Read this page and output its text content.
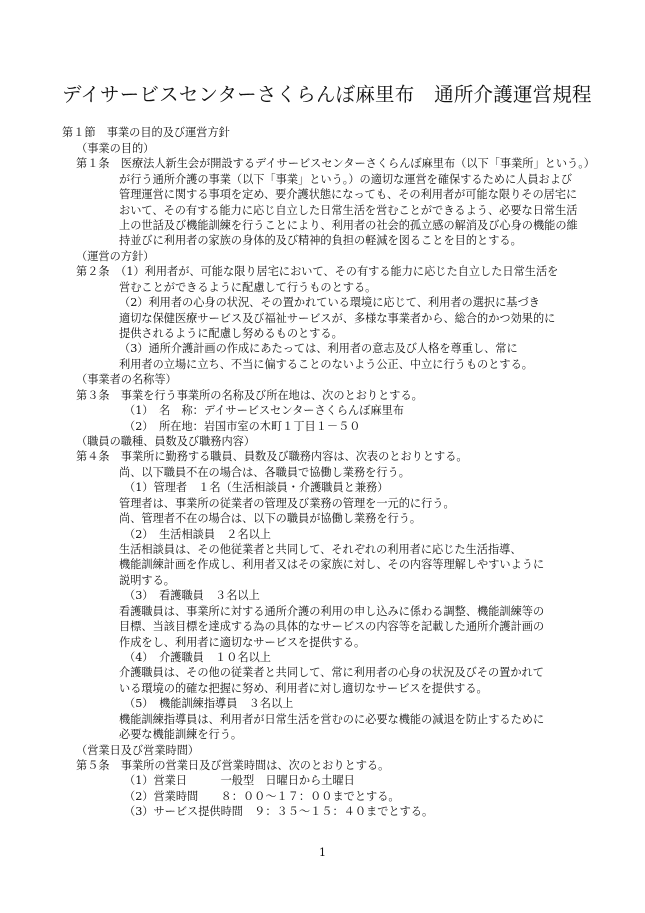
デイサービスセンターさくらんぼ麻里布　通所介護運営規程
第１節　事業の目的及び運営方針
（事業の目的）
第１条　医療法人新生会が開設するデイサービスセンターさくらんぼ麻里布（以下「事業所」という。）
が行う通所介護の事業（以下「事業」という。）の適切な運営を確保するために人員および
管理運営に関する事項を定め、要介護状態になっても、その利用者が可能な限りその居宅に
おいて、その有する能力に応じ自立した日常生活を営むことができるよう、必要な日常生活
上の世話及び機能訓練を行うことにより、利用者の社会的孤立感の解消及び心身の機能の維
持並びに利用者の家族の身体的及び精神的負担の軽減を図ることを目的とする。
（運営の方針）
第２条　（1）利用者が、可能な限り居宅において、その有する能力に応じた自立した日常生活を
営むことができるように配慮して行うものとする。
（2）利用者の心身の状況、その置かれている環境に応じて、利用者の選択に基づき
適切な保健医療サービス及び福祉サービスが、多様な事業者から、総合的かつ効果的に
提供されるように配慮し努めるものとする。
（3）通所介護計画の作成にあたっては、利用者の意志及び人格を尊重し、常に
利用者の立場に立ち、不当に偏することのないよう公正、中立に行うものとする。
（事業者の名称等）
第３条　事業を行う事業所の名称及び所在地は、次のとおりとする。
（1）　名　称：デイサービスセンターさくらんぼ麻里布
（2）　所在地：岩国市室の木町１丁目１－５０
（職員の職種、員数及び職務内容）
第４条　事業所に勤務する職員、員数及び職務内容は、次表のとおりとする。
尚、以下職員不在の場合は、各職員で協働し業務を行う。
（1）管理者　１名（生活相談員・介護職員と兼務）
管理者は、事業所の従業者の管理及び業務の管理を一元的に行う。
尚、管理者不在の場合は、以下の職員が協働し業務を行う。
（2）　生活相談員　２名以上
生活相談員は、その他従業者と共同して、それぞれの利用者に応じた生活指導、
機能訓練計画を作成し、利用者又はその家族に対し、その内容等理解しやすいように
説明する。
（3）　看護職員　３名以上
看護職員は、事業所に対する通所介護の利用の申し込みに係わる調整、機能訓練等の
目標、当該目標を達成する為の具体的なサービスの内容等を記載した通所介護計画の
作成をし、利用者に適切なサービスを提供する。
（4）　介護職員　１０名以上
介護職員は、その他の従業者と共同して、常に利用者の心身の状況及びその置かれて
いる環境の的確な把握に努め、利用者に対し適切なサービスを提供する。
（5）　機能訓練指導員　３名以上
機能訓練指導員は、利用者が日常生活を営むのに必要な機能の減退を防止するために
必要な機能訓練を行う。
（営業日及び営業時間）
第５条　事業所の営業日及び営業時間は、次のとおりとする。
（1）営業日　　　一般型　日曜日から土曜日
（2）営業時間　　８：００～１７：００までとする。
（3）サービス提供時間　９：３５～１５：４０までとする。
1
